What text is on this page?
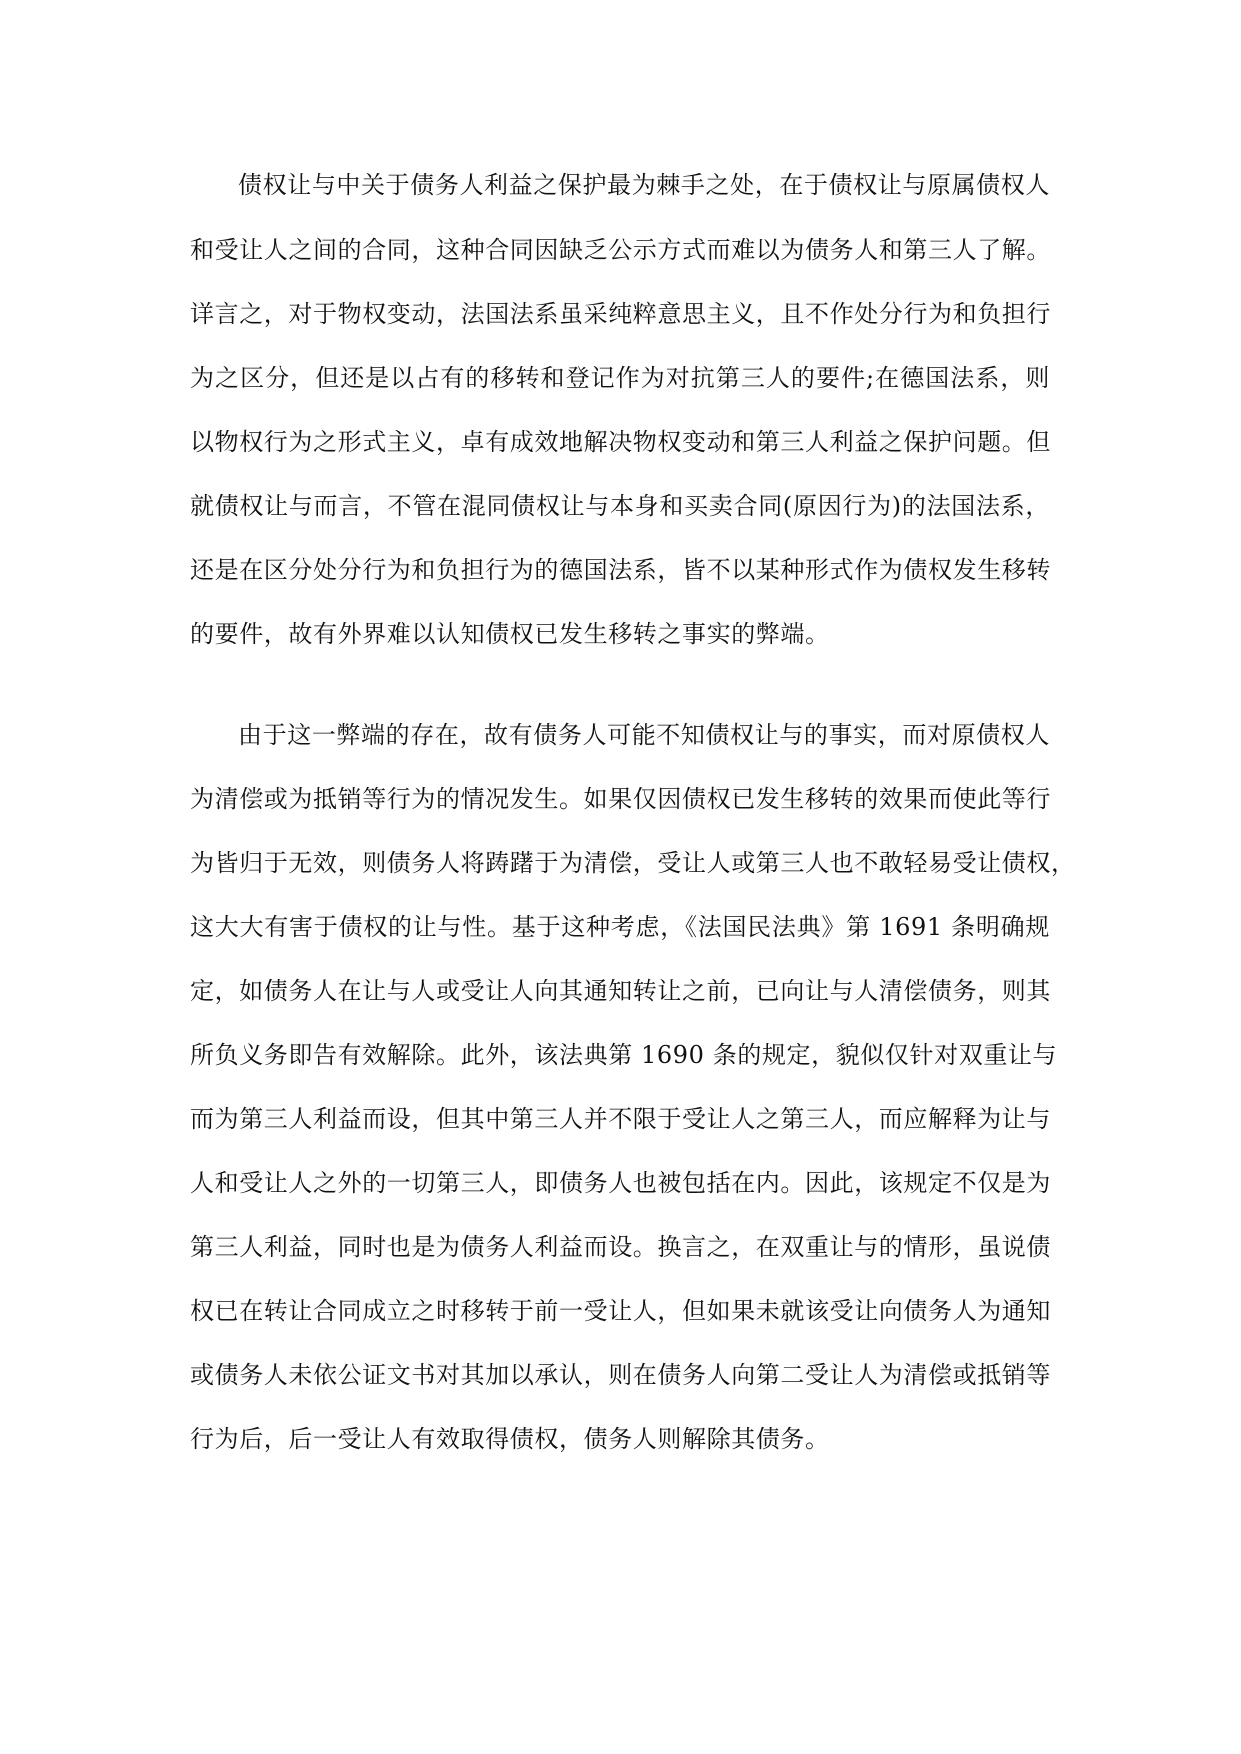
债权让与中关于债务人利益之保护最为棘手之处，在于债权让与原属债权人
和受让人之间的合同，这种合同因缺乏公示方式而难以为债务人和第三人了解。
详言之，对于物权变动，法国法系虽采纯粹意思主义，且不作处分行为和负担行
为之区分，但还是以占有的移转和登记作为对抗第三人的要件;在德国法系，则
以物权行为之形式主义，卓有成效地解决物权变动和第三人利益之保护问题。但
就债权让与而言，不管在混同债权让与本身和买卖合同(原因行为)的法国法系，
还是在区分处分行为和负担行为的德国法系，皆不以某种形式作为债权发生移转
的要件，故有外界难以认知债权已发生移转之事实的弊端。
由于这一弊端的存在，故有债务人可能不知债权让与的事实，而对原债权人
为清偿或为抵销等行为的情况发生。如果仅因债权已发生移转的效果而使此等行
为皆归于无效，则债务人将踌躇于为清偿，受让人或第三人也不敢轻易受让债权，
这大大有害于债权的让与性。基于这种考虑，《法国民法典》第 1691 条明确规
定，如债务人在让与人或受让人向其通知转让之前，已向让与人清偿债务，则其
所负义务即告有效解除。此外，该法典第 1690 条的规定，貌似仅针对双重让与
而为第三人利益而设，但其中第三人并不限于受让人之第三人，而应解释为让与
人和受让人之外的一切第三人，即债务人也被包括在内。因此，该规定不仅是为
第三人利益，同时也是为债务人利益而设。换言之，在双重让与的情形，虽说债
权已在转让合同成立之时移转于前一受让人，但如果未就该受让向债务人为通知
或债务人未依公证文书对其加以承认，则在债务人向第二受让人为清偿或抵销等
行为后，后一受让人有效取得债权，债务人则解除其债务。
